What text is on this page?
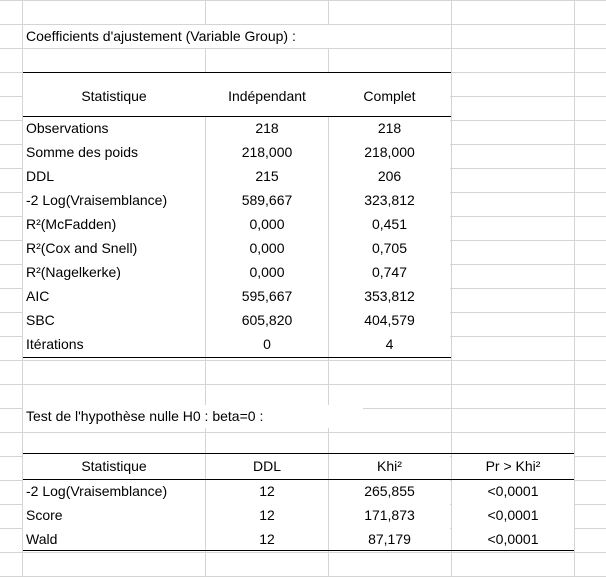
Coefficients d'ajustement (Variable Group) :
Statistique	Indépendant	Complet
Observations	218	218
Somme des poids	218,000	218,000
DDL	215	206
-2 Log(Vraisemblance)	589,667	323,812
R²(McFadden)	0,000	0,451
R²(Cox and Snell)	0,000	0,705
R²(Nagelkerke)	0,000	0,747
AIC	595,667	353,812
SBC	605,820	404,579
Itérations	0	4
Test de l'hypothèse nulle H0 : beta=0 :
Statistique	DDL	Khi²	Pr > Khi²
-2 Log(Vraisemblance)	12	265,855	<0,0001
Score	12	171,873	<0,0001
Wald	12	87,179	<0,0001
